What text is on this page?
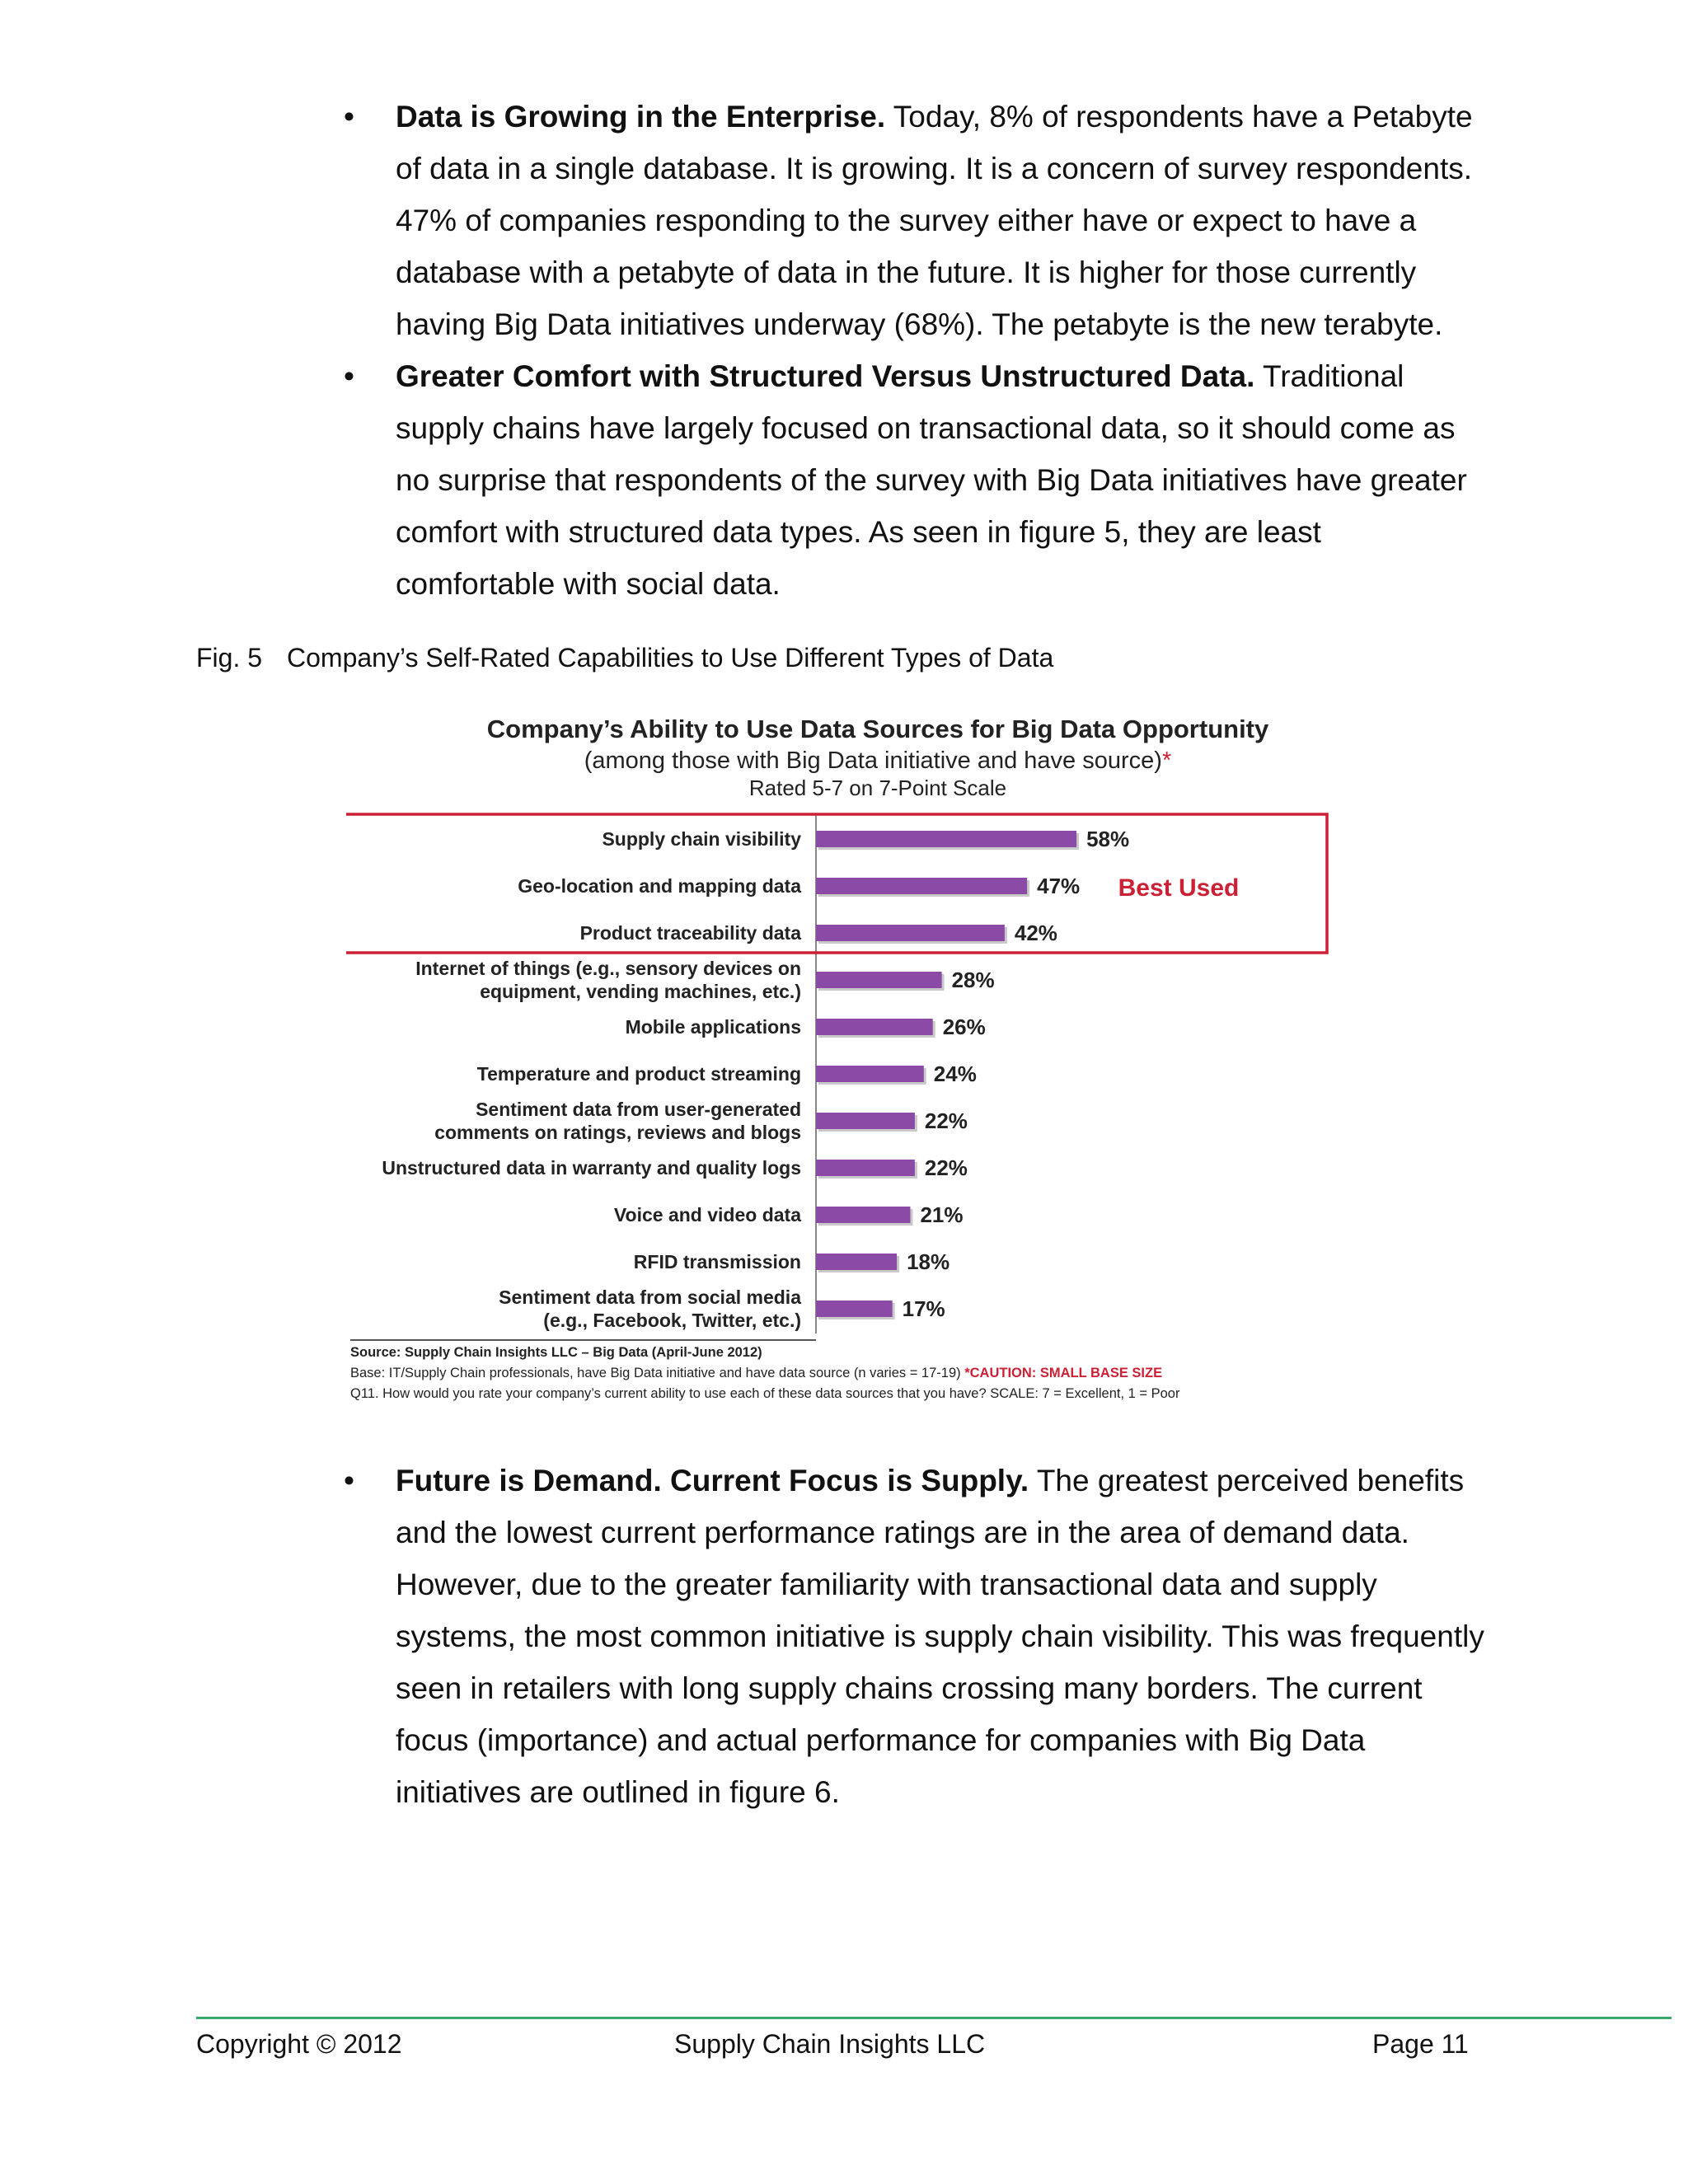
• Data is Growing in the Enterprise. Today, 8% of respondents have a Petabyte of data in a single database. It is growing. It is a concern of survey respondents. 47% of companies responding to the survey either have or expect to have a database with a petabyte of data in the future. It is higher for those currently having Big Data initiatives underway (68%). The petabyte is the new terabyte.
• Greater Comfort with Structured Versus Unstructured Data. Traditional supply chains have largely focused on transactional data, so it should come as no surprise that respondents of the survey with Big Data initiatives have greater comfort with structured data types. As seen in figure 5, they are least comfortable with social data.
Fig. 5 Company’s Self-Rated Capabilities to Use Different Types of Data
Company’s Ability to Use Data Sources for Big Data Opportunity
(among those with Big Data initiative and have source)*
Rated 5-7 on 7-Point Scale
58%
Supply chain visibility
47%
Geo-location and mapping data
42%
Product traceability data
28%
Internet of things (e.g., sensory devices on
equipment, vending machines, etc.)
26%
Mobile applications
24%
Temperature and product streaming
22%
Sentiment data from user-generated
comments on ratings, reviews and blogs
22%
Unstructured data in warranty and quality logs
21%
Voice and video data
18%
RFID transmission
17%
Sentiment data from social media
(e.g., Facebook, Twitter, etc.)
Best Used
Source: Supply Chain Insights LLC – Big Data (April-June 2012)
Base: IT/Supply Chain professionals, have Big Data initiative and have data source (n varies = 17-19) *CAUTION: SMALL BASE SIZE
Q11. How would you rate your company’s current ability to use each of these data sources that you have? SCALE: 7 = Excellent, 1 = Poor
• Future is Demand. Current Focus is Supply. The greatest perceived benefits and the lowest current performance ratings are in the area of demand data. However, due to the greater familiarity with transactional data and supply systems, the most common initiative is supply chain visibility. This was frequently seen in retailers with long supply chains crossing many borders. The current focus (importance) and actual performance for companies with Big Data initiatives are outlined in figure 6.
Copyright © 2012	Supply Chain Insights LLC	Page 11
